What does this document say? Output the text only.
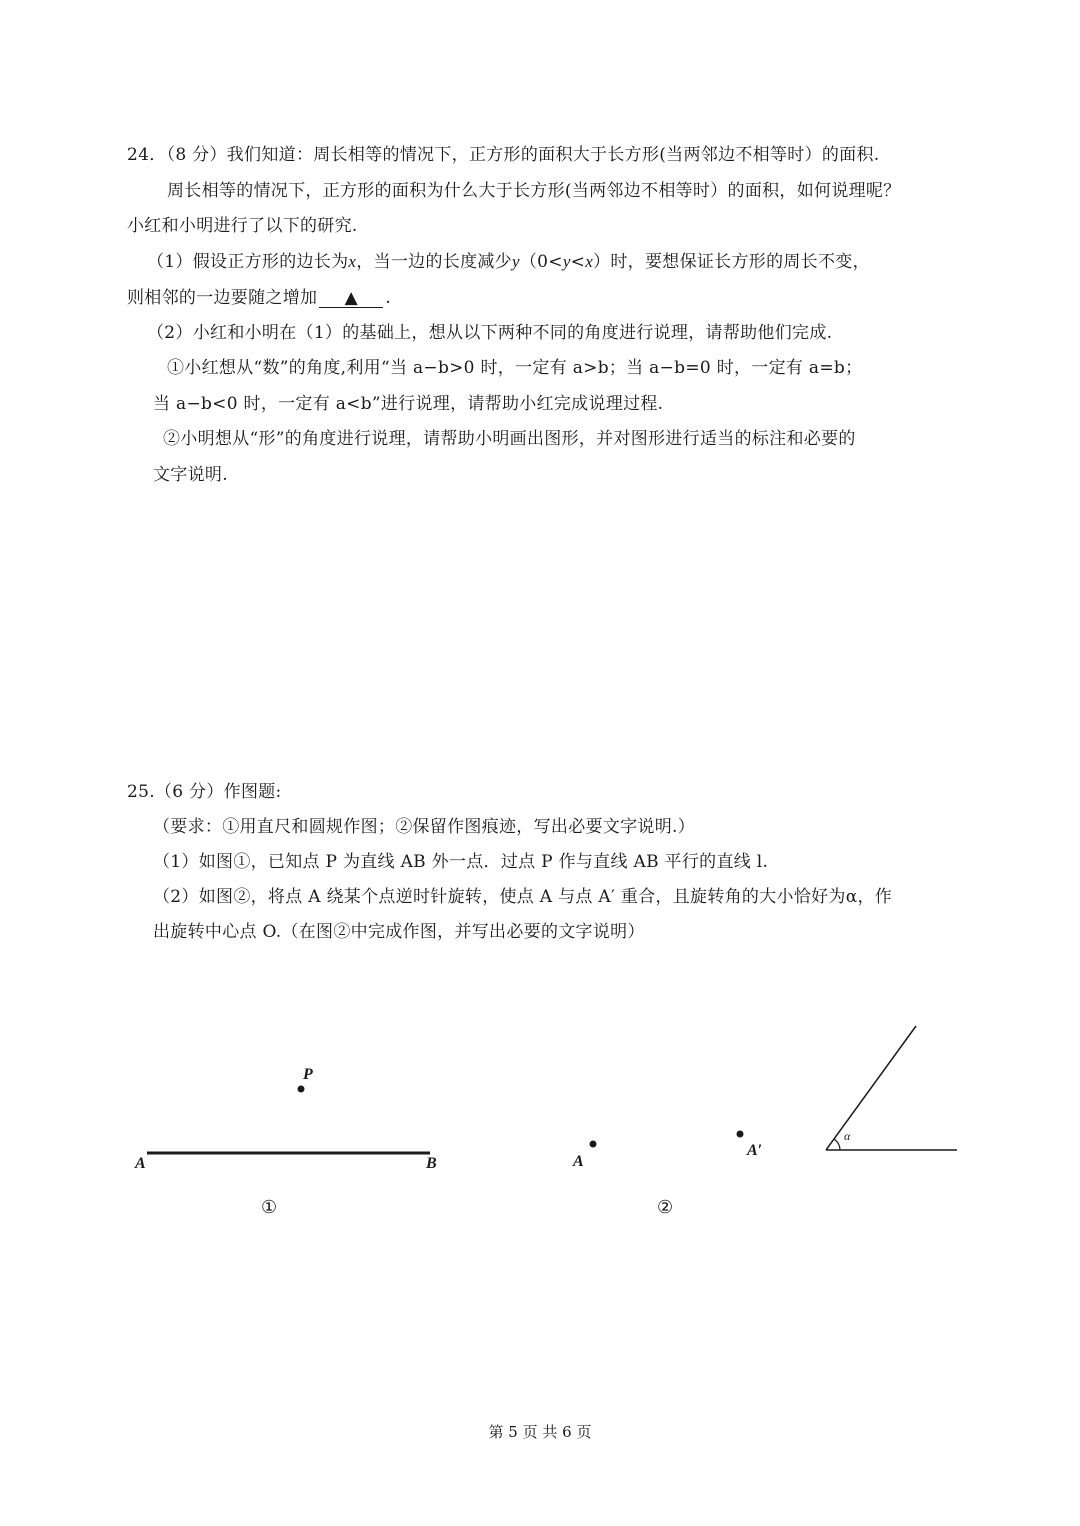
24．（8 分）我们知道：周长相等的情况下，正方形的面积大于长方形(当两邻边不相等时）的面积.
周长相等的情况下，正方形的面积为什么大于长方形(当两邻边不相等时）的面积，如何说理呢？
小红和小明进行了以下的研究.
（1）假设正方形的边长为x，当一边的长度减少y（0<y<x）时，要想保证长方形的周长不变，
则相邻的一边要随之增加 ▲ .
（2）小红和小明在（1）的基础上，想从以下两种不同的角度进行说理，请帮助他们完成.
①小红想从“数”的角度,利用“当 a−b>0 时，一定有 a>b；当 a−b=0 时，一定有 a=b；
当 a−b<0 时，一定有 a<b”进行说理，请帮助小红完成说理过程.
②小明想从“形”的角度进行说理，请帮助小明画出图形，并对图形进行适当的标注和必要的
文字说明.
25.（6 分）作图题:
（要求：①用直尺和圆规作图；②保留作图痕迹，写出必要文字说明.）
（1）如图①，已知点 P 为直线 AB 外一点．过点 P 作与直线 AB 平行的直线 l.
（2）如图②，将点 A 绕某个点逆时针旋转，使点 A 与点 A′ 重合，且旋转角的大小恰好为α，作
出旋转中心点 O.（在图②中完成作图，并写出必要的文字说明）
P
A	B
①
A
A′
α
②
第 5 页 共 6 页
